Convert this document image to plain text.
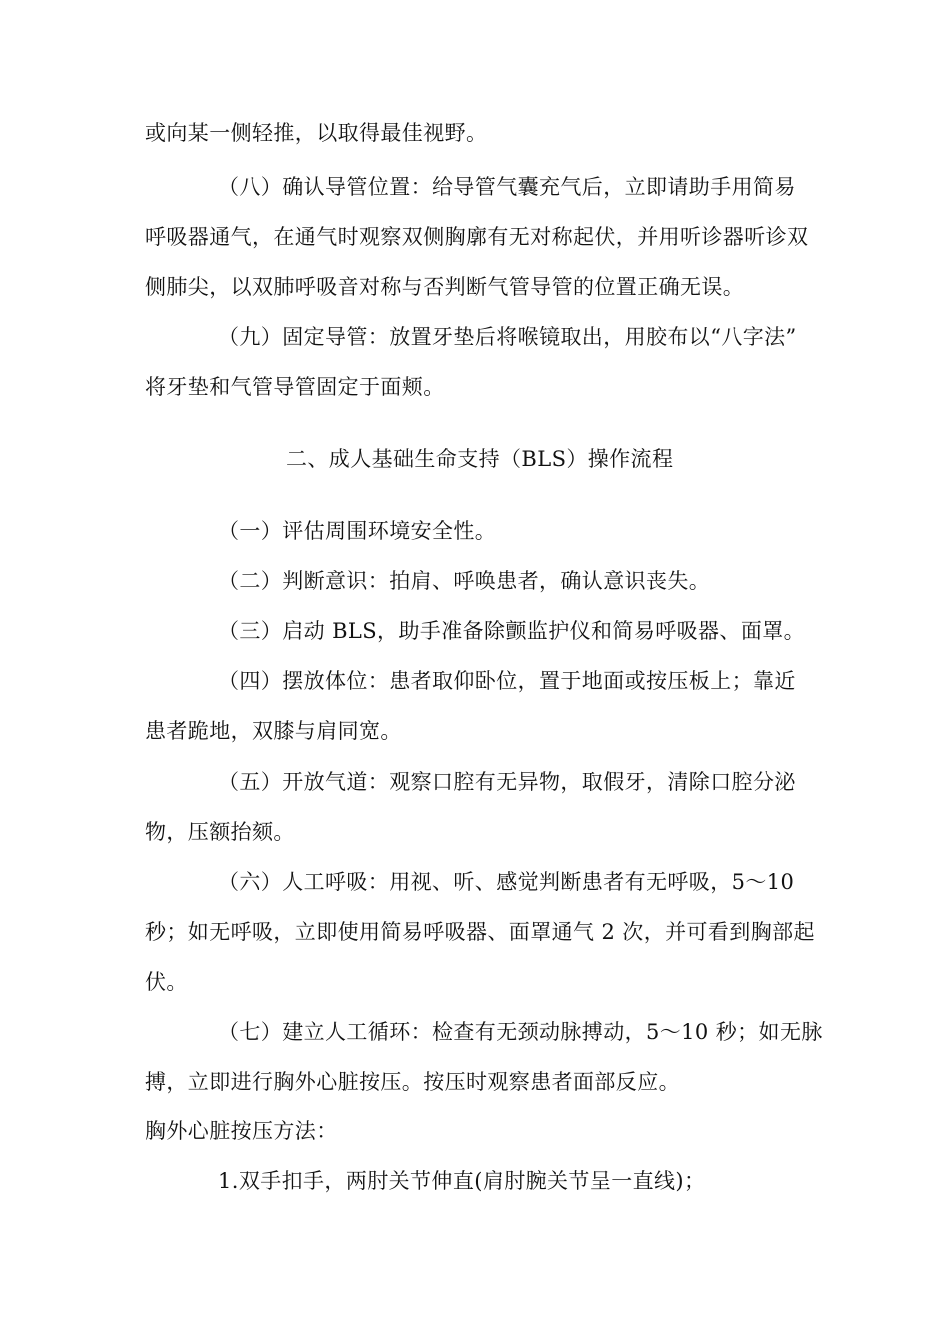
或向某一侧轻推，以取得最佳视野。
（八）确认导管位置：给导管气囊充气后，立即请助手用简易
呼吸器通气，在通气时观察双侧胸廓有无对称起伏，并用听诊器听诊双
侧肺尖，以双肺呼吸音对称与否判断气管导管的位置正确无误。
（九）固定导管：放置牙垫后将喉镜取出，用胶布以“八字法”
将牙垫和气管导管固定于面颊。
二、成人基础生命支持（BLS）操作流程
（一）评估周围环境安全性。
（二）判断意识：拍肩、呼唤患者，确认意识丧失。
（三）启动 BLS，助手准备除颤监护仪和简易呼吸器、面罩。
（四）摆放体位：患者取仰卧位，置于地面或按压板上；靠近
患者跪地，双膝与肩同宽。
（五）开放气道：观察口腔有无异物，取假牙，清除口腔分泌
物，压额抬颏。
（六）人工呼吸：用视、听、感觉判断患者有无呼吸，5～10
秒；如无呼吸，立即使用简易呼吸器、面罩通气 2 次，并可看到胸部起
伏。
（七）建立人工循环：检查有无颈动脉搏动，5～10 秒；如无脉
搏，立即进行胸外心脏按压。按压时观察患者面部反应。
胸外心脏按压方法：
1.双手扣手，两肘关节伸直(肩肘腕关节呈一直线)；
